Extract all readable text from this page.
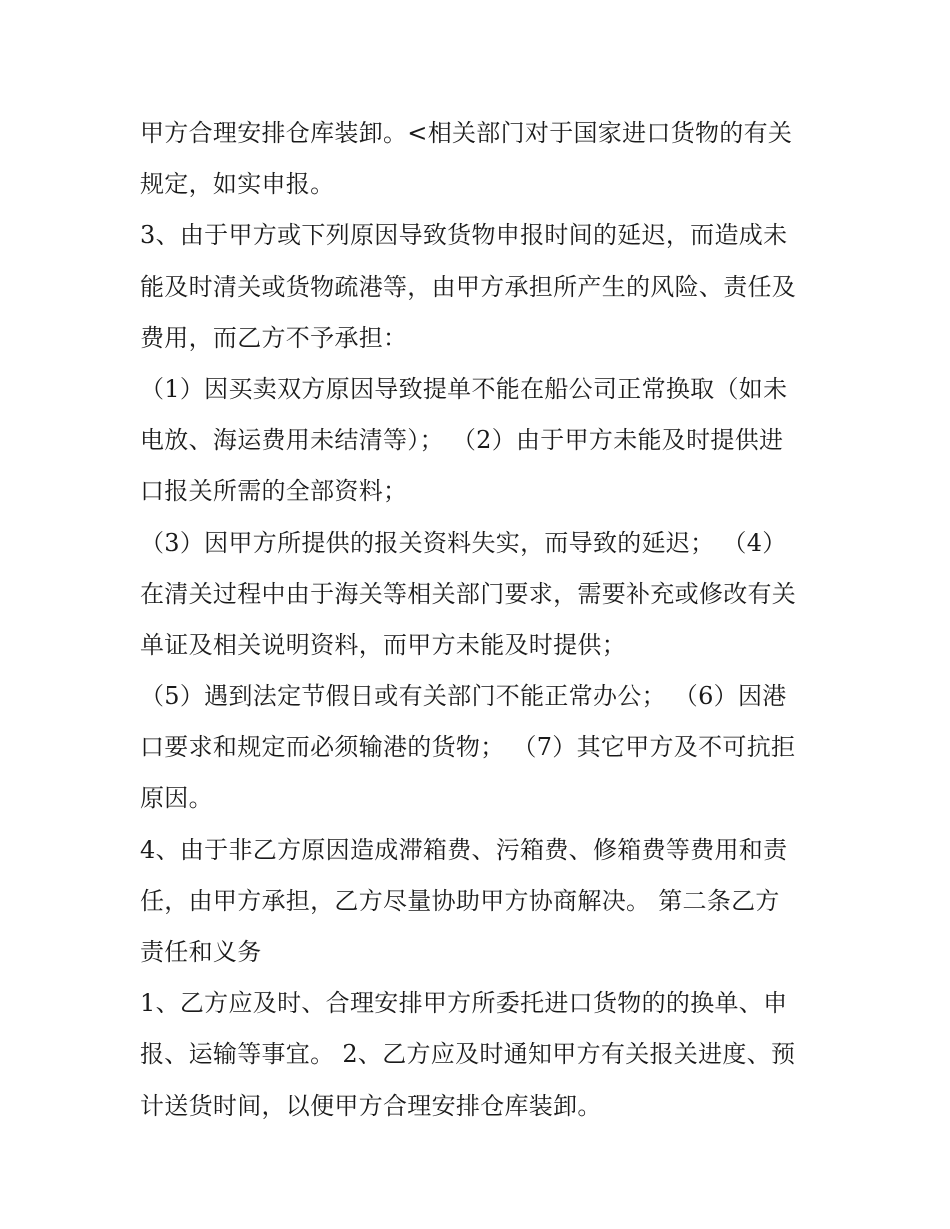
甲方合理安排仓库装卸。<相关部门对于国家进口货物的有关
规定，如实申报。
3、由于甲方或下列原因导致货物申报时间的延迟，而造成未
能及时清关或货物疏港等，由甲方承担所产生的风险、责任及
费用，而乙方不予承担：
（1）因买卖双方原因导致提单不能在船公司正常换取（如未
电放、海运费用未结清等）； （2）由于甲方未能及时提供进
口报关所需的全部资料；
（3）因甲方所提供的报关资料失实，而导致的延迟； （4）
在清关过程中由于海关等相关部门要求，需要补充或修改有关
单证及相关说明资料，而甲方未能及时提供；
（5）遇到法定节假日或有关部门不能正常办公； （6）因港
口要求和规定而必须输港的货物； （7）其它甲方及不可抗拒
原因。
4、由于非乙方原因造成滞箱费、污箱费、修箱费等费用和责
任，由甲方承担，乙方尽量协助甲方协商解决。 第二条乙方
责任和义务
1、乙方应及时、合理安排甲方所委托进口货物的的换单、申
报、运输等事宜。 2、乙方应及时通知甲方有关报关进度、预
计送货时间，以便甲方合理安排仓库装卸。
